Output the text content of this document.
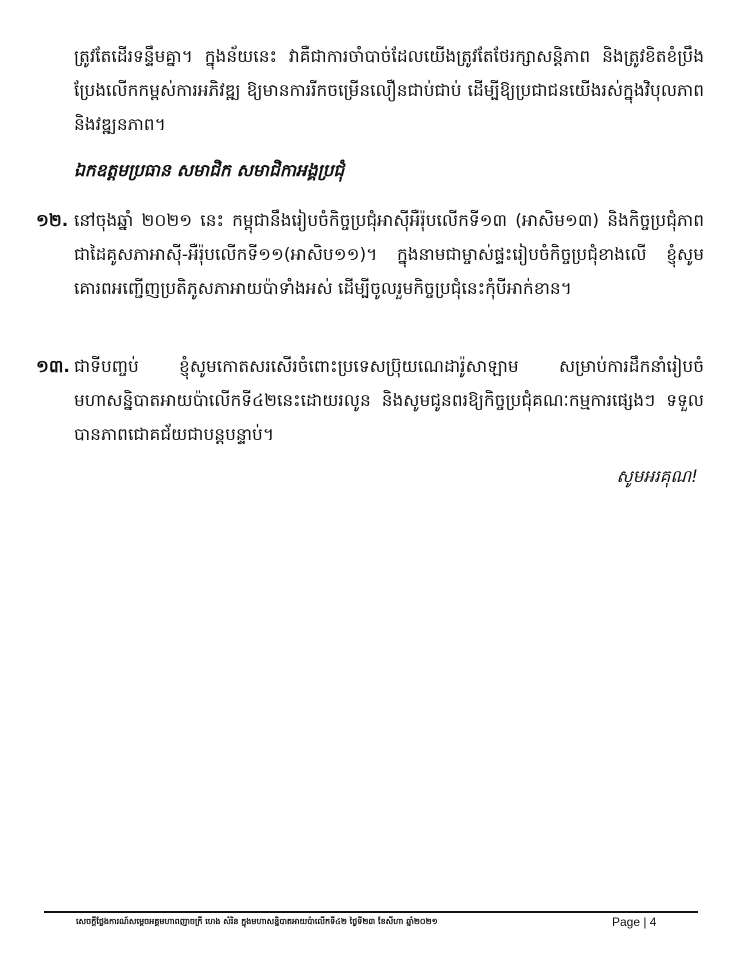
ត្រូវតែដើរទន្ទឹមគ្នា។ ក្នុងន័យនេះ វាគឺជាការចាំបាច់ដែលយើងត្រូវតែថែរក្សាសន្តិភាព និងត្រូវខិតខំប្រឹងប្រែងលើកកម្ពស់ការអភិវឌ្ឍ ឱ្យមានការរីកចម្រើនលឿនជាប់ជាប់ ដើម្បីឱ្យប្រជាជនយើងរស់ក្នុងវិបុលភាព និងវឌ្ឍនភាព។
ឯកឧត្តមប្រធាន សមាជិក សមាជិកាអង្គប្រជុំ
១២. នៅចុងឆ្នាំ ២០២១ នេះ កម្ពុជានឹងរៀបចំកិច្ចប្រជុំអាស៊ីអឺរ៉ុបលើកទី១៣ (អាសិម១៣) និងកិច្ចប្រជុំភាពជាដៃគូសភាអាស៊ី-អឺរ៉ុបលើកទី១១(អាសិប១១)។ ក្នុងនាមជាម្ចាស់ផ្ទះរៀបចំកិច្ចប្រជុំខាងលើ ខ្ញុំសូមគោរពអញ្ជើញប្រតិភូសភាអាយប៉ាទាំងអស់ ដើម្បីចូលរួមកិច្ចប្រជុំនេះកុំបីអាក់ខាន។
១៣. ជាទីបញ្ចប់ ខ្ញុំសូមកោតសរសើរចំពោះប្រទេសប្រ៊ុយណេដារ៉ូសាឡាម សម្រាប់ការដឹកនាំរៀបចំមហាសន្និបាតអាយប៉ាលើកទី៤២នេះដោយរលូន និងសូមជូនពរឱ្យកិច្ចប្រជុំគណៈកម្មការផ្សេងៗ ទទួលបានភាពជោគជ័យជាបន្តបន្ទាប់។
សូមអរគុណ!
សេចក្តីថ្លែងការណ៍សម្តេចអគ្គមហាពញាចក្រី ហេង សំរិន ក្នុងមហាសន្និបាតអាយប៉ាលើកទី៤២ ថ្ងៃទី២៣ ខែសីហា ឆ្នាំ២០២១	Page | 4
